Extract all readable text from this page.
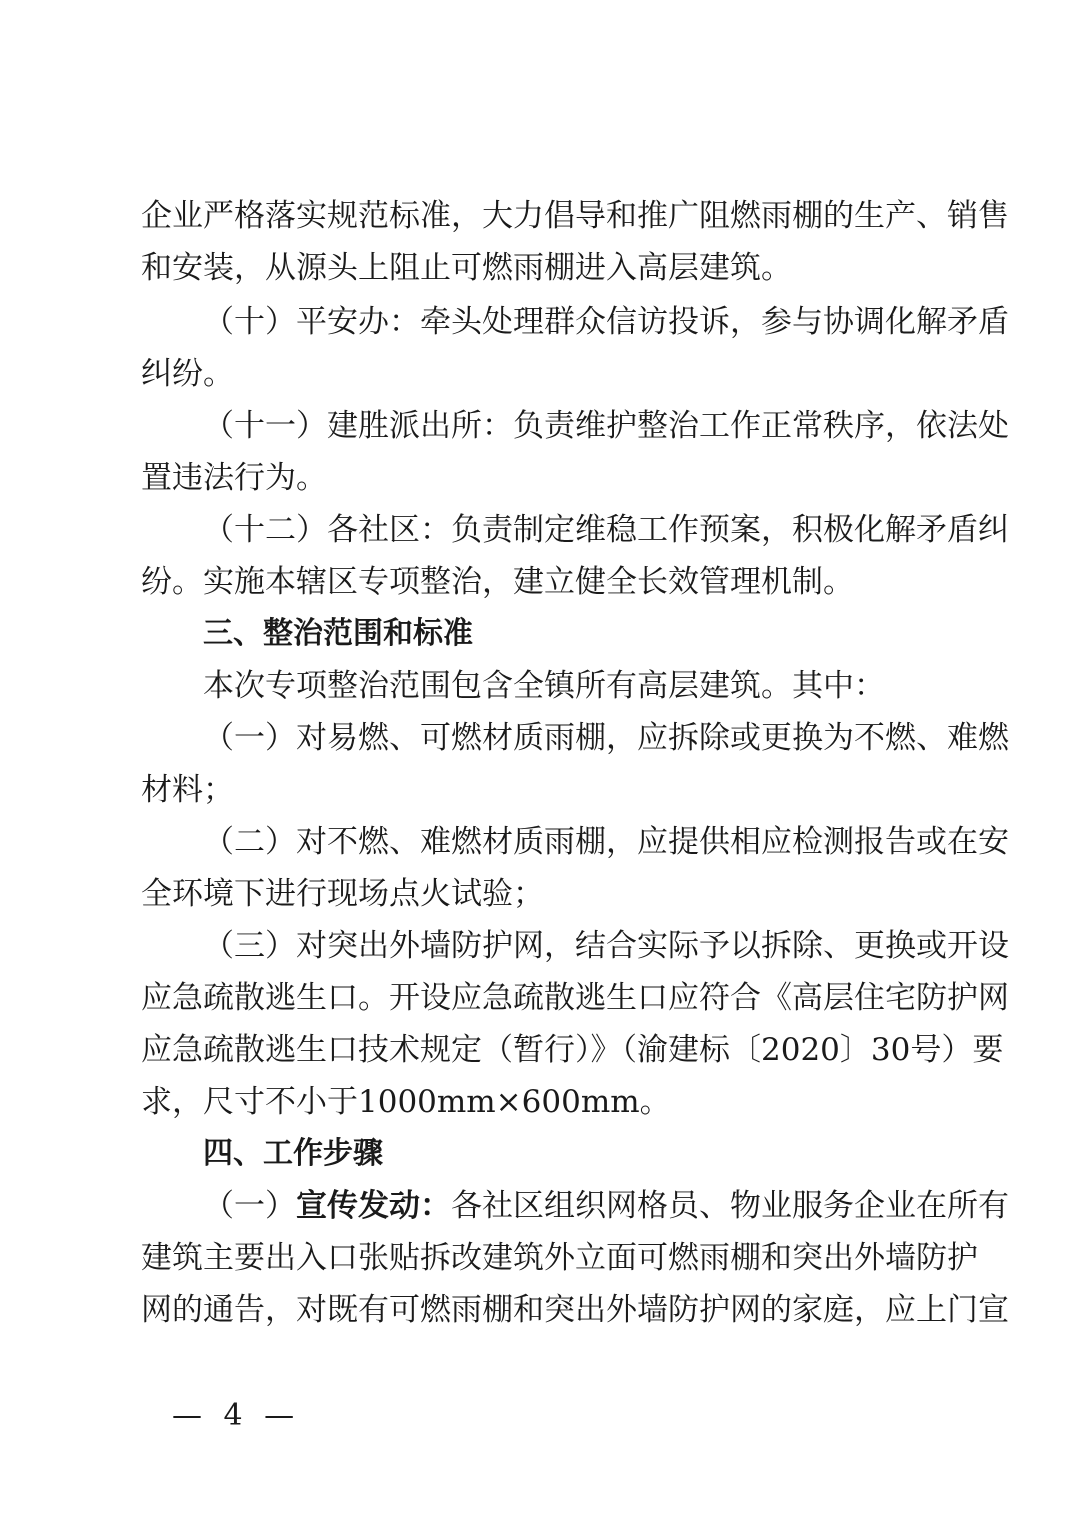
企业严格落实规范标准，大力倡导和推广阻燃雨棚的生产、销售
和安装，从源头上阻止可燃雨棚进入高层建筑。
（十）平安办：牵头处理群众信访投诉，参与协调化解矛盾
纠纷。
（十一）建胜派出所：负责维护整治工作正常秩序，依法处
置违法行为。
（十二）各社区：负责制定维稳工作预案，积极化解矛盾纠
纷。实施本辖区专项整治，建立健全长效管理机制。
三、整治范围和标准
本次专项整治范围包含全镇所有高层建筑。其中：
（一）对易燃、可燃材质雨棚，应拆除或更换为不燃、难燃
材料；
（二）对不燃、难燃材质雨棚，应提供相应检测报告或在安
全环境下进行现场点火试验；
（三）对突出外墙防护网，结合实际予以拆除、更换或开设
应急疏散逃生口。开设应急疏散逃生口应符合《高层住宅防护网
应急疏散逃生口技术规定（暂行）》（渝建标〔2020〕30号）要
求，尺寸不小于1000mm×600mm。
四、工作步骤
（一）宣传发动：各社区组织网格员、物业服务企业在所有
建筑主要出入口张贴拆改建筑外立面可燃雨棚和突出外墙防护
网的通告，对既有可燃雨棚和突出外墙防护网的家庭，应上门宣
— 4 —
